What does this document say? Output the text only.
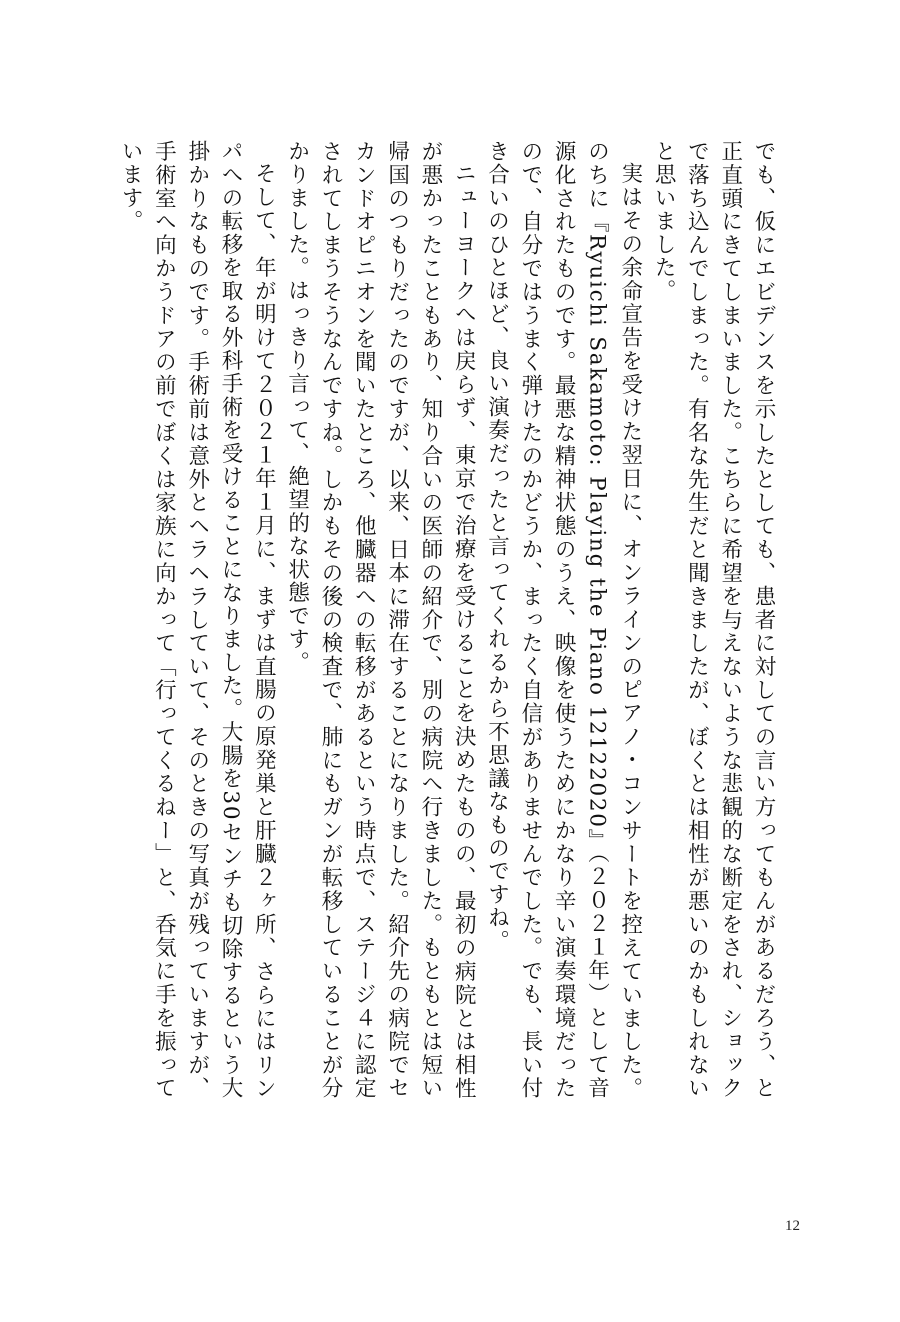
でも、仮にエビデンスを示したとしても、患者に対しての言い方ってもんがあるだろう、と正直頭にきてしまいました。こちらに希望を与えないような悲観的な断定をされ、ショックで落ち込んでしまった。有名な先生だと聞きましたが、ぼくとは相性が悪いのかもしれないと思いました。

実はその余命宣告を受けた翌日に、オンラインのピアノ・コンサートを控えていました。のちに『Ryuichi Sakamoto: Playing the Piano 12122020』（２０２１年）として音源化されたものです。最悪な精神状態のうえ、映像を使うためにかなり辛い演奏環境だったので、自分ではうまく弾けたのかどうか、まったく自信がありませんでした。でも、長い付き合いのひとほど、良い演奏だったと言ってくれるから不思議なものですね。

ニューヨークへは戻らず、東京で治療を受けることを決めたものの、最初の病院とは相性が悪かったこともあり、知り合いの医師の紹介で、別の病院へ行きました。もともとは短い帰国のつもりだったのですが、以来、日本に滞在することになりました。紹介先の病院でセカンドオピニオンを聞いたところ、他臓器への転移があるという時点で、ステージ４に認定されてしまうそうなんですね。しかもその後の検査で、肺にもガンが転移していることが分かりました。はっきり言って、絶望的な状態です。

そして、年が明けて２０２１年１月に、まずは直腸の原発巣と肝臓２ヶ所、さらにはリンパへの転移を取る外科手術を受けることになりました。大腸を30センチも切除するという大掛かりなものです。手術前は意外とヘラヘラしていて、そのときの写真が残っていますが、手術室へ向かうドアの前でぼくは家族に向かって「行ってくるねー」と、呑気に手を振っています。

12
